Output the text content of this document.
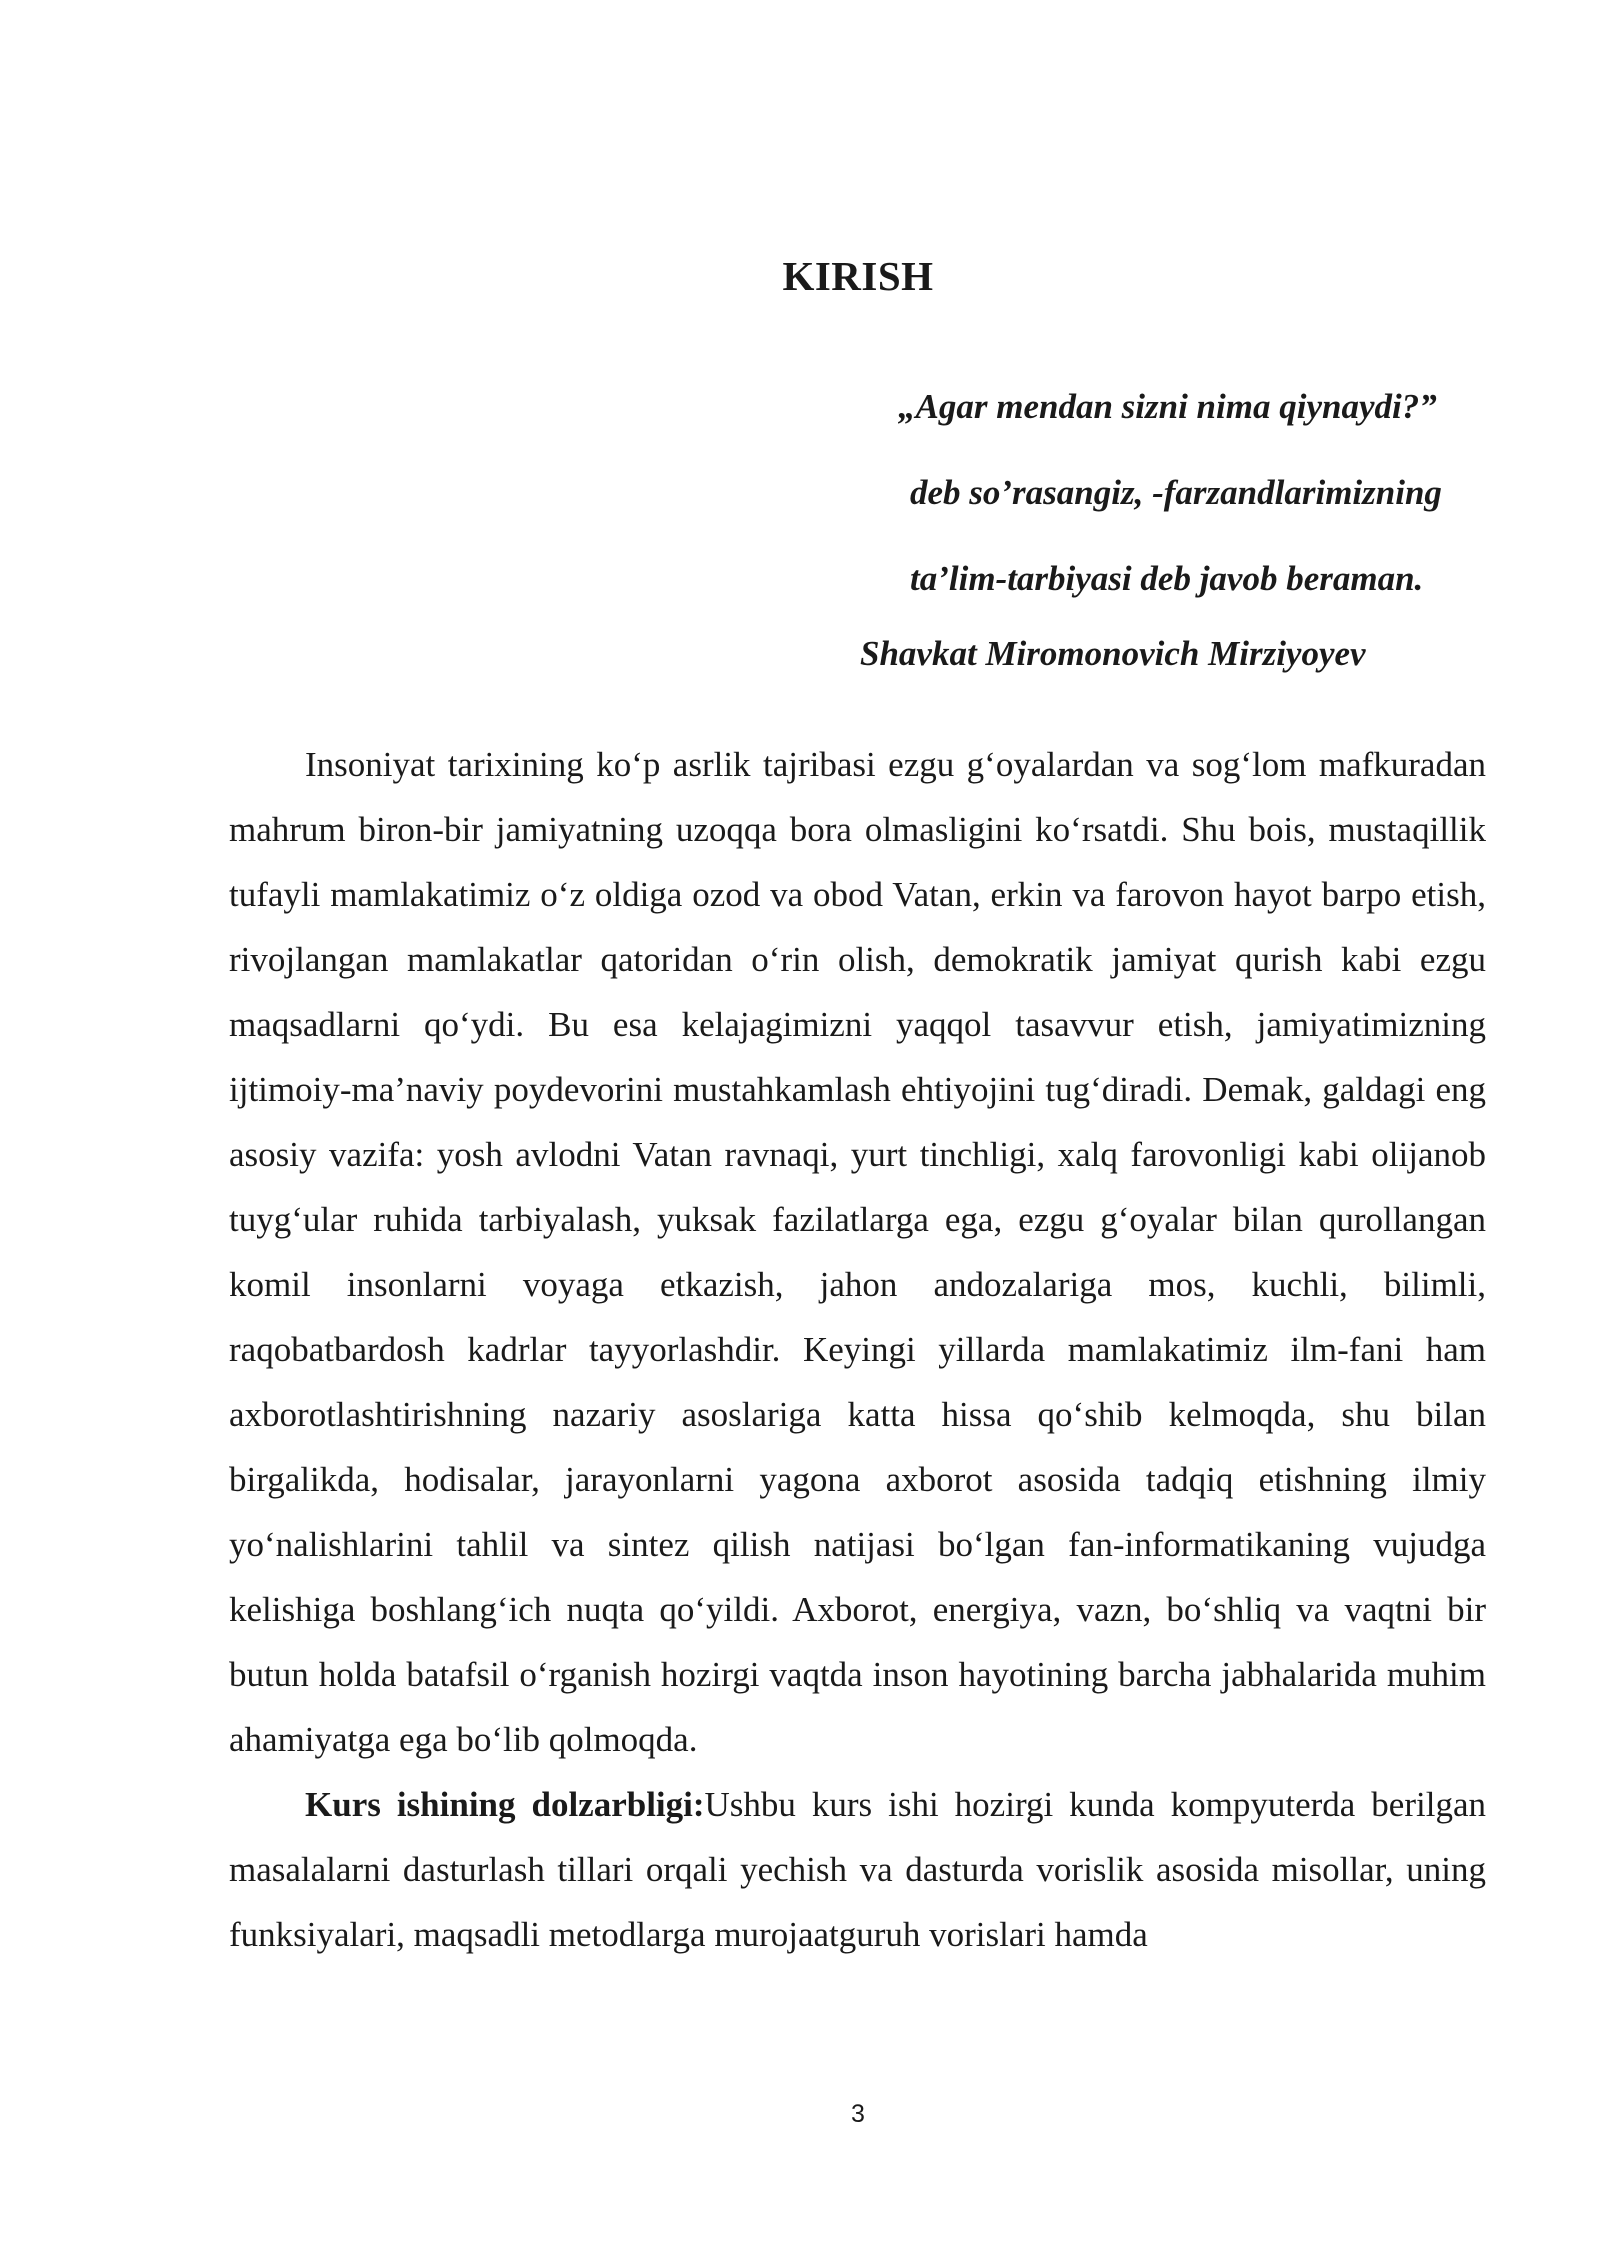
KIRISH
„Agar mendan sizni nima qiynaydi?”
deb so’rasangiz, -farzandlarimizning
ta’lim-tarbiyasi deb javob beraman.
Shavkat Miromonovich Mirziyoyev

Insoniyat tarixining ko‘p asrlik tajribasi ezgu g‘oyalardan va sog‘lom mafkuradan mahrum biron-bir jamiyatning uzoqqa bora olmasligini ko‘rsatdi. Shu bois, mustaqillik tufayli mamlakatimiz o‘z oldiga ozod va obod Vatan, erkin va farovon hayot barpo etish, rivojlangan mamlakatlar qatoridan o‘rin olish, demokratik jamiyat qurish kabi ezgu maqsadlarni qo‘ydi. Bu esa kelajagimizni yaqqol tasavvur etish, jamiyatimizning ijtimoiy-ma’naviy poydevorini mustahkamlash ehtiyojini tug‘diradi. Demak, galdagi eng asosiy vazifa: yosh avlodni Vatan ravnaqi, yurt tinchligi, xalq farovonligi kabi olijanob tuyg‘ular ruhida tarbiyalash, yuksak fazilatlarga ega, ezgu g‘oyalar bilan qurollangan komil insonlarni voyaga etkazish, jahon andozalariga mos, kuchli, bilimli, raqobatbardosh kadrlar tayyorlashdir. Keyingi yillarda mamlakatimiz ilm-fani ham axborotlashtirishning nazariy asoslariga katta hissa qo‘shib kelmoqda, shu bilan birgalikda, hodisalar, jarayonlarni yagona axborot asosida tadqiq etishning ilmiy yo‘nalishlarini tahlil va sintez qilish natijasi bo‘lgan fan-informatikaning vujudga kelishiga boshlang‘ich nuqta qo‘yildi. Axborot, energiya, vazn, bo‘shliq va vaqtni bir butun holda batafsil o‘rganish hozirgi vaqtda inson hayotining barcha jabhalarida muhim ahamiyatga ega bo‘lib qolmoqda.

Kurs ishining dolzarbligi:Ushbu kurs ishi hozirgi kunda kompyuterda berilgan masalalarni dasturlash tillari orqali yechish va dasturda vorislik asosida misollar, uning funksiyalari, maqsadli metodlarga murojaatguruh vorislari hamda

3
